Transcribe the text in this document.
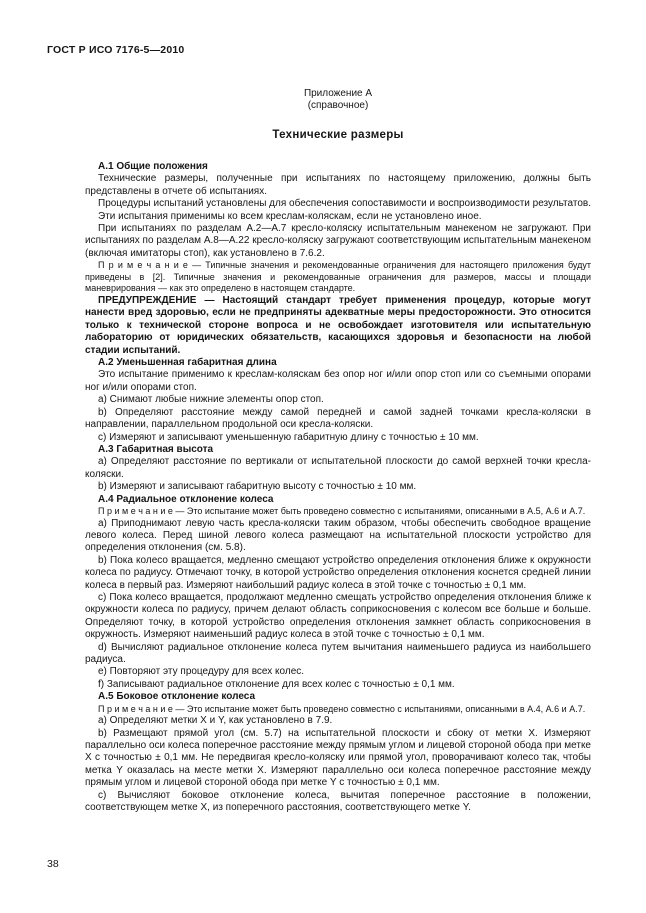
ГОСТ Р ИСО 7176-5—2010
Приложение А
(справочное)
Технические размеры
А.1 Общие положения
Технические размеры, полученные при испытаниях по настоящему приложению, должны быть представлены в отчете об испытаниях.
Процедуры испытаний установлены для обеспечения сопоставимости и воспроизводимости результатов.
Эти испытания применимы ко всем креслам-коляскам, если не установлено иное.
При испытаниях по разделам А.2—А.7 кресло-коляску испытательным манекеном не загружают. При испытаниях по разделам А.8—А.22 кресло-коляску загружают соответствующим испытательным манекеном (включая имитаторы стоп), как установлено в 7.6.2.
П р и м е ч а н и е — Типичные значения и рекомендованные ограничения для настоящего приложения будут приведены в [2]. Типичные значения и рекомендованные ограничения для размеров, массы и площади маневрирования — как это определено в настоящем стандарте.
ПРЕДУПРЕЖДЕНИЕ — Настоящий стандарт требует применения процедур, которые могут нанести вред здоровью, если не предприняты адекватные меры предосторожности. Это относится только к технической стороне вопроса и не освобождает изготовителя или испытательную лабораторию от юридических обязательств, касающихся здоровья и безопасности на любой стадии испытаний.
А.2 Уменьшенная габаритная длина
Это испытание применимо к креслам-коляскам без опор ног и/или опор стоп или со съемными опорами ног и/или опорами стоп.
а) Снимают любые нижние элементы опор стоп.
b) Определяют расстояние между самой передней и самой задней точками кресла-коляски в направлении, параллельном продольной оси кресла-коляски.
с) Измеряют и записывают уменьшенную габаритную длину с точностью ± 10 мм.
А.3 Габаритная высота
а) Определяют расстояние по вертикали от испытательной плоскости до самой верхней точки кресла-коляски.
b) Измеряют и записывают габаритную высоту с точностью ± 10 мм.
А.4 Радиальное отклонение колеса
П р и м е ч а н и е — Это испытание может быть проведено совместно с испытаниями, описанными в А.5, А.6 и А.7.
а) Приподнимают левую часть кресла-коляски таким образом, чтобы обеспечить свободное вращение левого колеса. Перед шиной левого колеса размещают на испытательной плоскости устройство для определения отклонения (см. 5.8).
b) Пока колесо вращается, медленно смещают устройство определения отклонения ближе к окружности колеса по радиусу. Отмечают точку, в которой устройство определения отклонения коснется средней линии колеса в первый раз. Измеряют наибольший радиус колеса в этой точке с точностью ± 0,1 мм.
с) Пока колесо вращается, продолжают медленно смещать устройство определения отклонения ближе к окружности колеса по радиусу, причем делают область соприкосновения с колесом все больше и больше. Определяют точку, в которой устройство определения отклонения замкнет область соприкосновения в окружность. Измеряют наименьший радиус колеса в этой точке с точностью ± 0,1 мм.
d) Вычисляют радиальное отклонение колеса путем вычитания наименьшего радиуса из наибольшего радиуса.
е) Повторяют эту процедуру для всех колес.
f) Записывают радиальное отклонение для всех колес с точностью ± 0,1 мм.
А.5 Боковое отклонение колеса
П р и м е ч а н и е — Это испытание может быть проведено совместно с испытаниями, описанными в А.4, А.6 и А.7.
а) Определяют метки X и Y, как установлено в 7.9.
b) Размещают прямой угол (см. 5.7) на испытательной плоскости и сбоку от метки X. Измеряют параллельно оси колеса поперечное расстояние между прямым углом и лицевой стороной обода при метке X с точностью ± 0,1 мм. Не передвигая кресло-коляску или прямой угол, проворачивают колесо так, чтобы метка Y оказалась на месте метки X. Измеряют параллельно оси колеса поперечное расстояние между прямым углом и лицевой стороной обода при метке Y с точностью ± 0,1 мм.
с) Вычисляют боковое отклонение колеса, вычитая поперечное расстояние в положении, соответствующем метке X, из поперечного расстояния, соответствующего метке Y.
38
